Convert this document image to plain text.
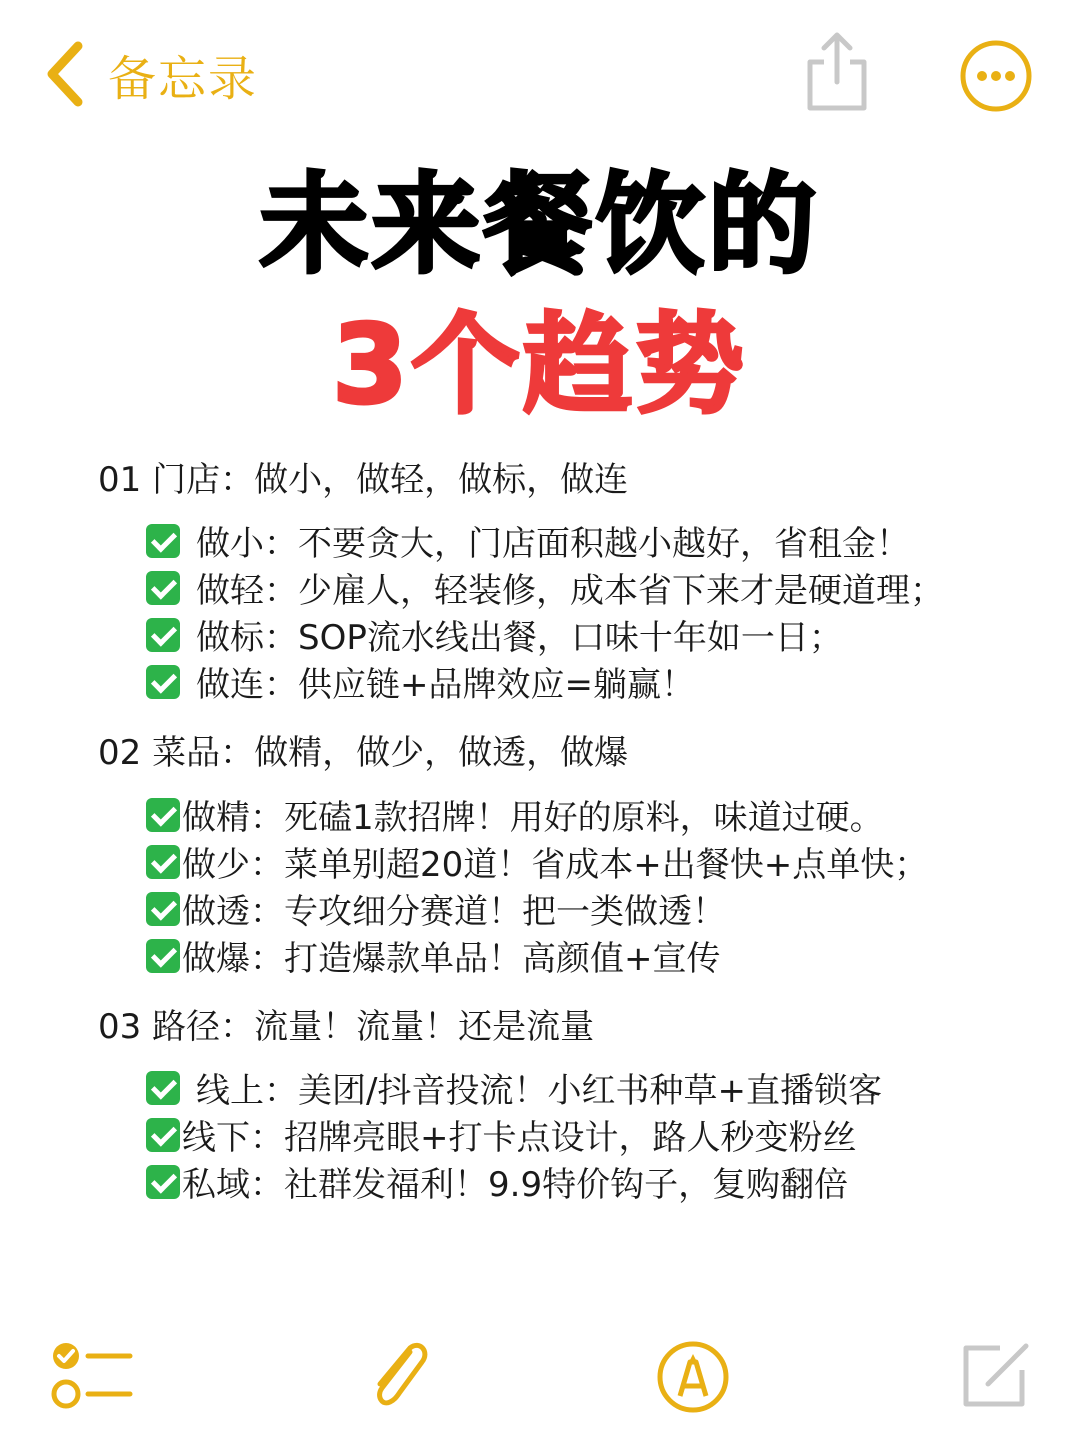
备忘录
未来餐饮的
3个趋势
01 门店：做小，做轻，做标，做连
做小：不要贪大，门店面积越小越好，省租金！
做轻：少雇人，轻装修，成本省下来才是硬道理；
做标：SOP流水线出餐，口味十年如一日；
做连：供应链+品牌效应=躺赢！
02 菜品：做精，做少，做透，做爆
做精：死磕1款招牌！用好的原料，味道过硬。
做少：菜单别超20道！省成本+出餐快+点单快；
做透：专攻细分赛道！把一类做透！
做爆：打造爆款单品！高颜值+宣传
03 路径：流量！流量！还是流量
线上：美团/抖音投流！小红书种草+直播锁客
线下：招牌亮眼+打卡点设计，路人秒变粉丝
私域：社群发福利！9.9特价钩子，复购翻倍
